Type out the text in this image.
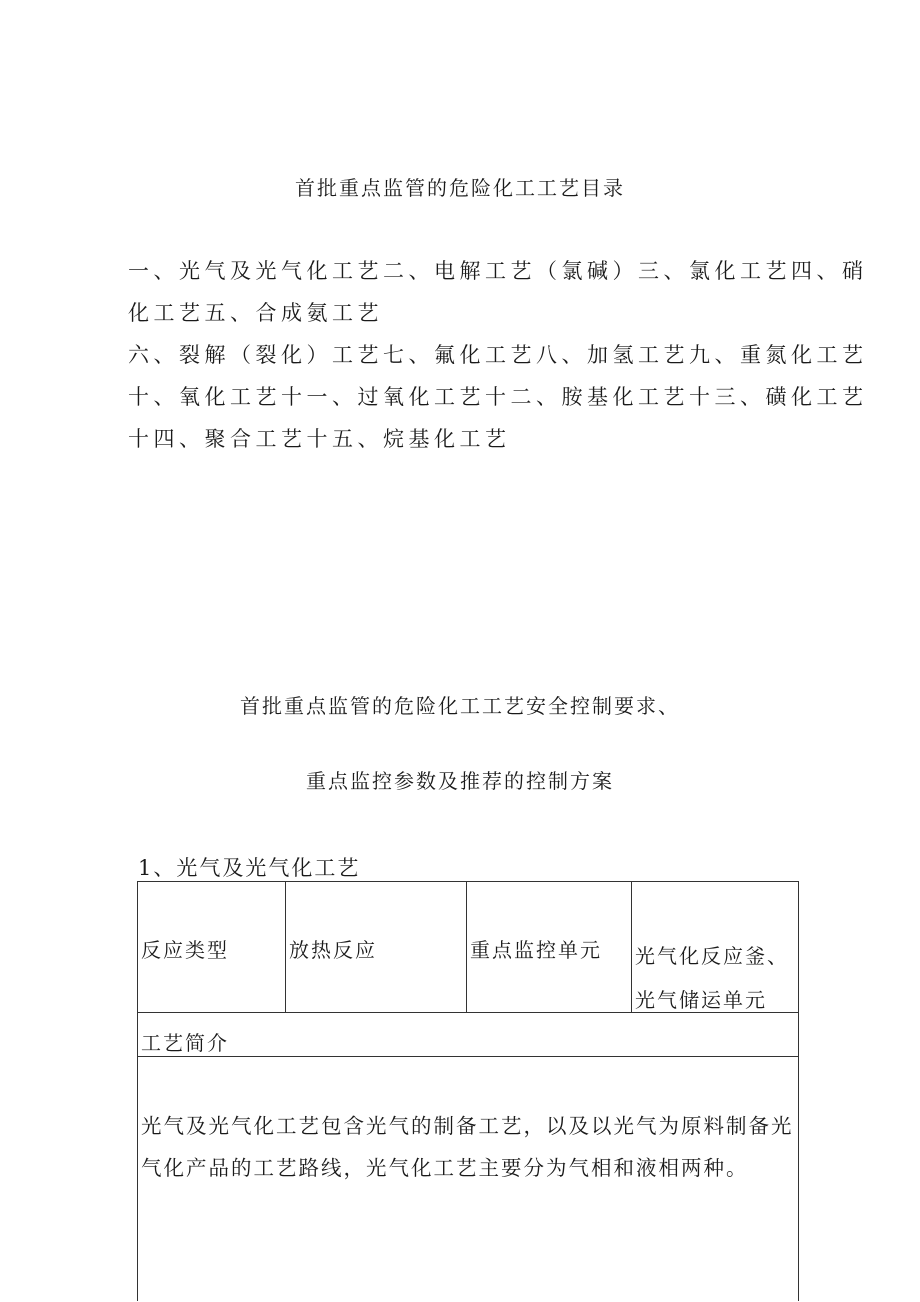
首批重点监管的危险化工工艺目录
一、光气及光气化工艺二、电解工艺（氯碱）三、氯化工艺四、硝
化工艺五、合成氨工艺
六、裂解（裂化）工艺七、氟化工艺八、加氢工艺九、重氮化工艺
十、氧化工艺十一、过氧化工艺十二、胺基化工艺十三、磺化工艺
十四、聚合工艺十五、烷基化工艺
首批重点监管的危险化工工艺安全控制要求、
重点监控参数及推荐的控制方案
1、光气及光气化工艺
反应类型	放热反应	重点监控单元 光气化反应釜、光气储运单元
工艺简介
光气及光气化工艺包含光气的制备工艺，以及以光气为原料制备光气化产品的工艺路线，光气化工艺主要分为气相和液相两种。
